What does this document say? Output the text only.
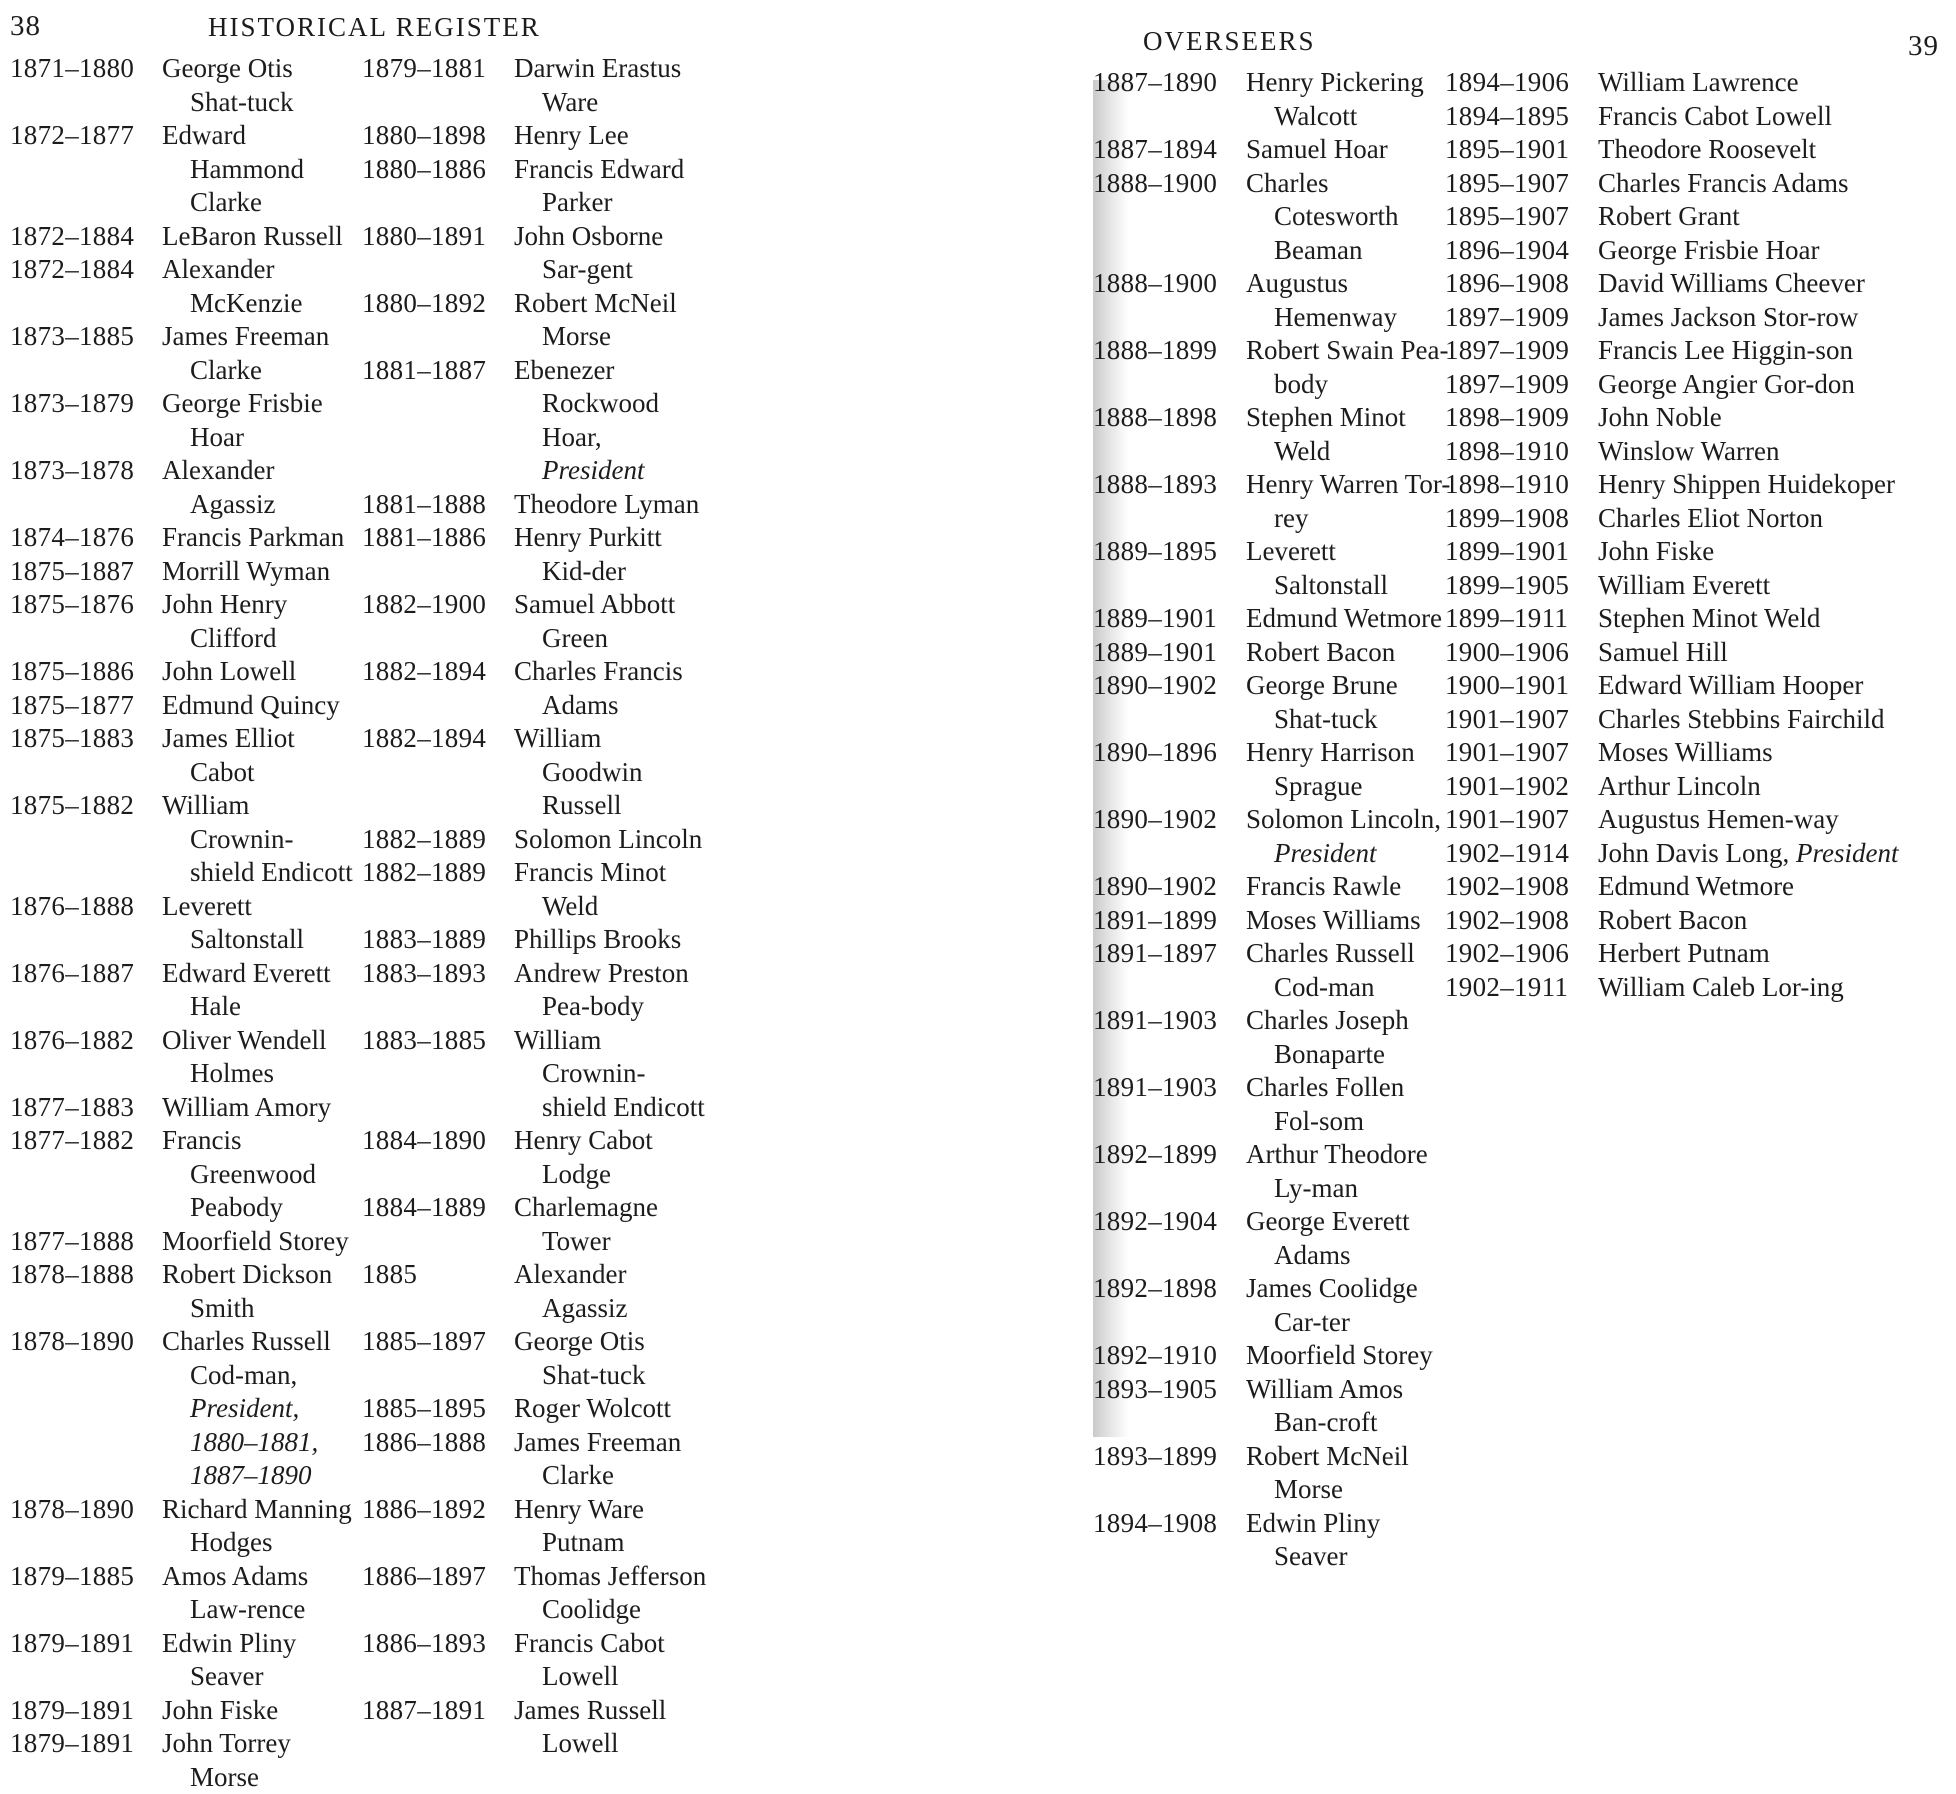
38	HISTORICAL REGISTER
1871–1880	George Otis Shat-tuck
1872–1877	Edward Hammond Clarke
1872–1884	LeBaron Russell
1872–1884	Alexander McKenzie
1873–1885	James Freeman Clarke
1873–1879	George Frisbie Hoar
1873–1878	Alexander Agassiz
1874–1876	Francis Parkman
1875–1887	Morrill Wyman
1875–1876	John Henry Clifford
1875–1886	John Lowell
1875–1877	Edmund Quincy
1875–1883	James Elliot Cabot
1875–1882	William Crownin-shield Endicott
1876–1888	Leverett Saltonstall
1876–1887	Edward Everett Hale
1876–1882	Oliver Wendell Holmes
1877–1883	William Amory
1877–1882	Francis Greenwood Peabody
1877–1888	Moorfield Storey
1878–1888	Robert Dickson Smith
1878–1890	Charles Russell Cod-man, President, 1880–1881, 1887–1890
1878–1890	Richard Manning Hodges
1879–1885	Amos Adams Law-rence
1879–1891	Edwin Pliny Seaver
1879–1891	John Fiske
1879–1891	John Torrey Morse
1879–1881	Darwin Erastus Ware
1880–1898	Henry Lee
1880–1886	Francis Edward Parker
1880–1891	John Osborne Sar-gent
1880–1892	Robert McNeil Morse
1881–1887	Ebenezer Rockwood Hoar, President
1881–1888	Theodore Lyman
1881–1886	Henry Purkitt Kid-der
1882–1900	Samuel Abbott Green
1882–1894	Charles Francis Adams
1882–1894	William Goodwin Russell
1882–1889	Solomon Lincoln
1882–1889	Francis Minot Weld
1883–1889	Phillips Brooks
1883–1893	Andrew Preston Pea-body
1883–1885	William Crownin-shield Endicott
1884–1890	Henry Cabot Lodge
1884–1889	Charlemagne Tower
1885	Alexander Agassiz
1885–1897	George Otis Shat-tuck
1885–1895	Roger Wolcott
1886–1888	James Freeman Clarke
1886–1892	Henry Ware Putnam
1886–1897	Thomas Jefferson Coolidge
1886–1893	Francis Cabot Lowell
1887–1891	James Russell Lowell
OVERSEERS	39
1887–1890	Henry Pickering Walcott
1887–1894	Samuel Hoar
1888–1900	Charles Cotesworth Beaman
1888–1900	Augustus Hemenway
1888–1899	Robert Swain Pea-body
1888–1898	Stephen Minot Weld
1888–1893	Henry Warren Tor-rey
1889–1895	Leverett Saltonstall
1889–1901	Edmund Wetmore
1889–1901	Robert Bacon
1890–1902	George Brune Shat-tuck
1890–1896	Henry Harrison Sprague
1890–1902	Solomon Lincoln, President
1890–1902	Francis Rawle
1891–1899	Moses Williams
1891–1897	Charles Russell Cod-man
1891–1903	Charles Joseph Bonaparte
1891–1903	Charles Follen Fol-som
1892–1899	Arthur Theodore Ly-man
1892–1904	George Everett Adams
1892–1898	James Coolidge Car-ter
1892–1910	Moorfield Storey
1893–1905	William Amos Ban-croft
1893–1899	Robert McNeil Morse
1894–1908	Edwin Pliny Seaver
1894–1906	William Lawrence
1894–1895	Francis Cabot Lowell
1895–1901	Theodore Roosevelt
1895–1907	Charles Francis Adams
1895–1907	Robert Grant
1896–1904	George Frisbie Hoar
1896–1908	David Williams Cheever
1897–1909	James Jackson Stor-row
1897–1909	Francis Lee Higgin-son
1897–1909	George Angier Gor-don
1898–1909	John Noble
1898–1910	Winslow Warren
1898–1910	Henry Shippen Huidekoper
1899–1908	Charles Eliot Norton
1899–1901	John Fiske
1899–1905	William Everett
1899–1911	Stephen Minot Weld
1900–1906	Samuel Hill
1900–1901	Edward William Hooper
1901–1907	Charles Stebbins Fairchild
1901–1907	Moses Williams
1901–1902	Arthur Lincoln
1901–1907	Augustus Hemen-way
1902–1914	John Davis Long, President
1902–1908	Edmund Wetmore
1902–1908	Robert Bacon
1902–1906	Herbert Putnam
1902–1911	William Caleb Lor-ing
